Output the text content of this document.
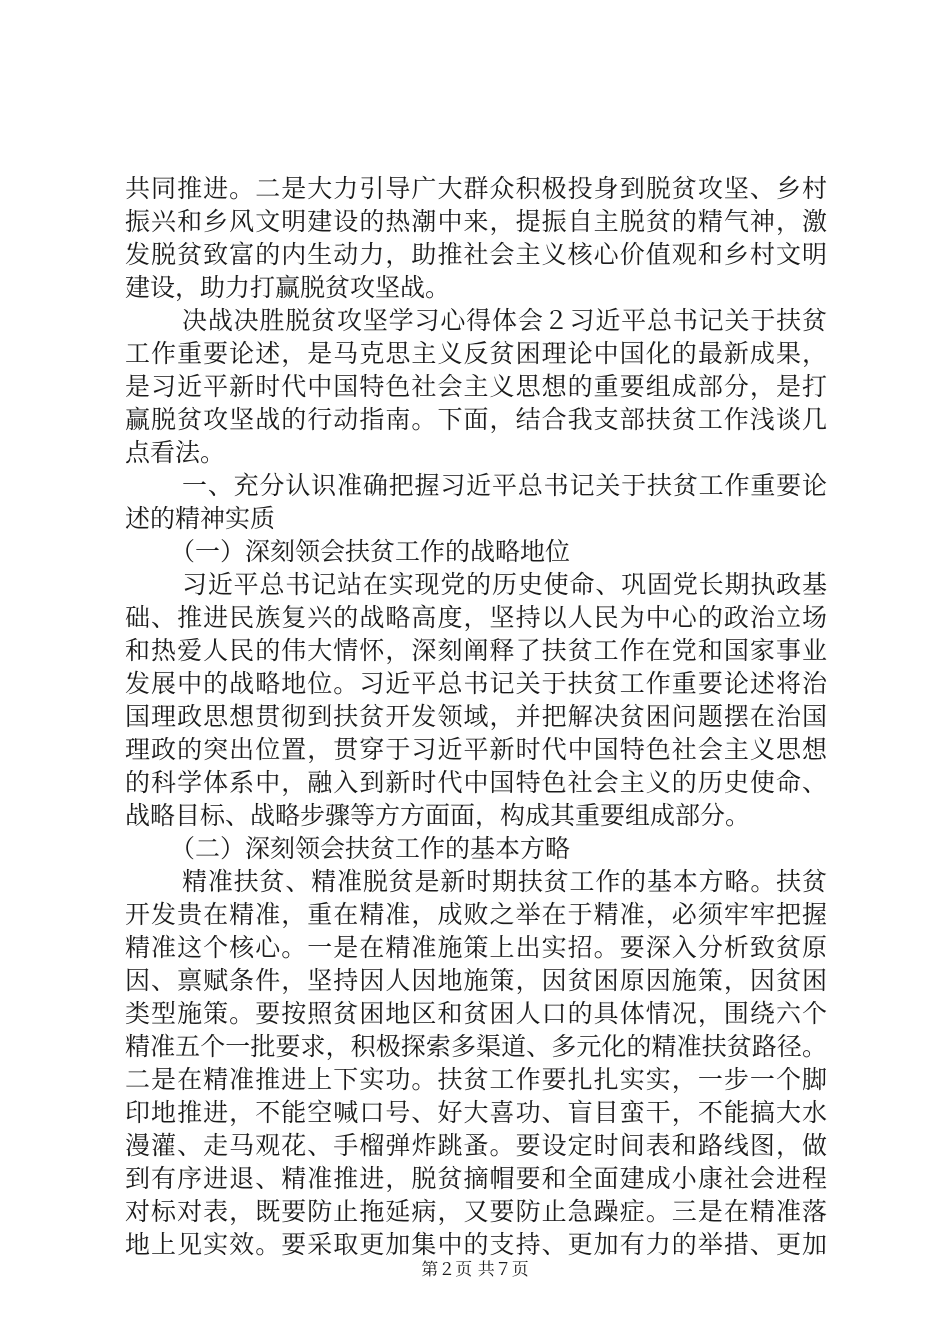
共同推进。二是大力引导广大群众积极投身到脱贫攻坚、乡村
振兴和乡风文明建设的热潮中来，提振自主脱贫的精气神，激
发脱贫致富的内生动力，助推社会主义核心价值观和乡村文明
建设，助力打赢脱贫攻坚战。
决战决胜脱贫攻坚学习心得体会２习近平总书记关于扶贫
工作重要论述，是马克思主义反贫困理论中国化的最新成果，
是习近平新时代中国特色社会主义思想的重要组成部分，是打
赢脱贫攻坚战的行动指南。下面，结合我支部扶贫工作浅谈几
点看法。
一、充分认识准确把握习近平总书记关于扶贫工作重要论
述的精神实质
（一）深刻领会扶贫工作的战略地位
习近平总书记站在实现党的历史使命、巩固党长期执政基
础、推进民族复兴的战略高度，坚持以人民为中心的政治立场
和热爱人民的伟大情怀，深刻阐释了扶贫工作在党和国家事业
发展中的战略地位。习近平总书记关于扶贫工作重要论述将治
国理政思想贯彻到扶贫开发领域，并把解决贫困问题摆在治国
理政的突出位置，贯穿于习近平新时代中国特色社会主义思想
的科学体系中，融入到新时代中国特色社会主义的历史使命、
战略目标、战略步骤等方方面面，构成其重要组成部分。
（二）深刻领会扶贫工作的基本方略
精准扶贫、精准脱贫是新时期扶贫工作的基本方略。扶贫
开发贵在精准，重在精准，成败之举在于精准，必须牢牢把握
精准这个核心。一是在精准施策上出实招。要深入分析致贫原
因、禀赋条件，坚持因人因地施策，因贫困原因施策，因贫困
类型施策。要按照贫困地区和贫困人口的具体情况，围绕六个
精准五个一批要求，积极探索多渠道、多元化的精准扶贫路径。
二是在精准推进上下实功。扶贫工作要扎扎实实，一步一个脚
印地推进，不能空喊口号、好大喜功、盲目蛮干，不能搞大水
漫灌、走马观花、手榴弹炸跳蚤。要设定时间表和路线图，做
到有序进退、精准推进，脱贫摘帽要和全面建成小康社会进程
对标对表，既要防止拖延病，又要防止急躁症。三是在精准落
地上见实效。要采取更加集中的支持、更加有力的举措、更加
第２页 共７页
